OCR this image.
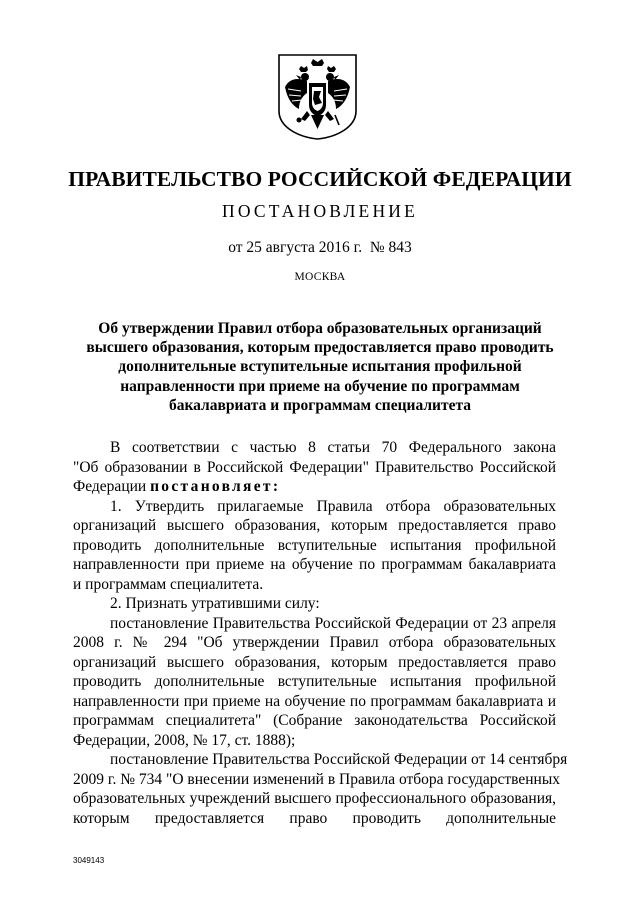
ПРАВИТЕЛЬСТВО РОССИЙСКОЙ ФЕДЕРАЦИИ
ПОСТАНОВЛЕНИЕ
от 25 августа 2016 г. № 843
МОСКВА
Об утверждении Правил отбора образовательных организаций
высшего образования, которым предоставляется право проводить
дополнительные вступительные испытания профильной
направленности при приеме на обучение по программам
бакалавриата и программам специалитета
В соответствии с частью 8 статьи 70 Федерального закона
"Об образовании в Российской Федерации" Правительство Российской
Федерации постановляет:
1. Утвердить прилагаемые Правила отбора образовательных
организаций высшего образования, которым предоставляется право
проводить дополнительные вступительные испытания профильной
направленности при приеме на обучение по программам бакалавриата
и программам специалитета.
2. Признать утратившими силу:
постановление Правительства Российской Федерации от 23 апреля
2008 г. № 294 "Об утверждении Правил отбора образовательных
организаций высшего образования, которым предоставляется право
проводить дополнительные вступительные испытания профильной
направленности при приеме на обучение по программам бакалавриата и
программам специалитета" (Собрание законодательства Российской
Федерации, 2008, № 17, ст. 1888);
постановление Правительства Российской Федерации от 14 сентября
2009 г. № 734 "О внесении изменений в Правила отбора государственных
образовательных учреждений высшего профессионального образования,
которым предоставляется право проводить дополнительные
3049143
